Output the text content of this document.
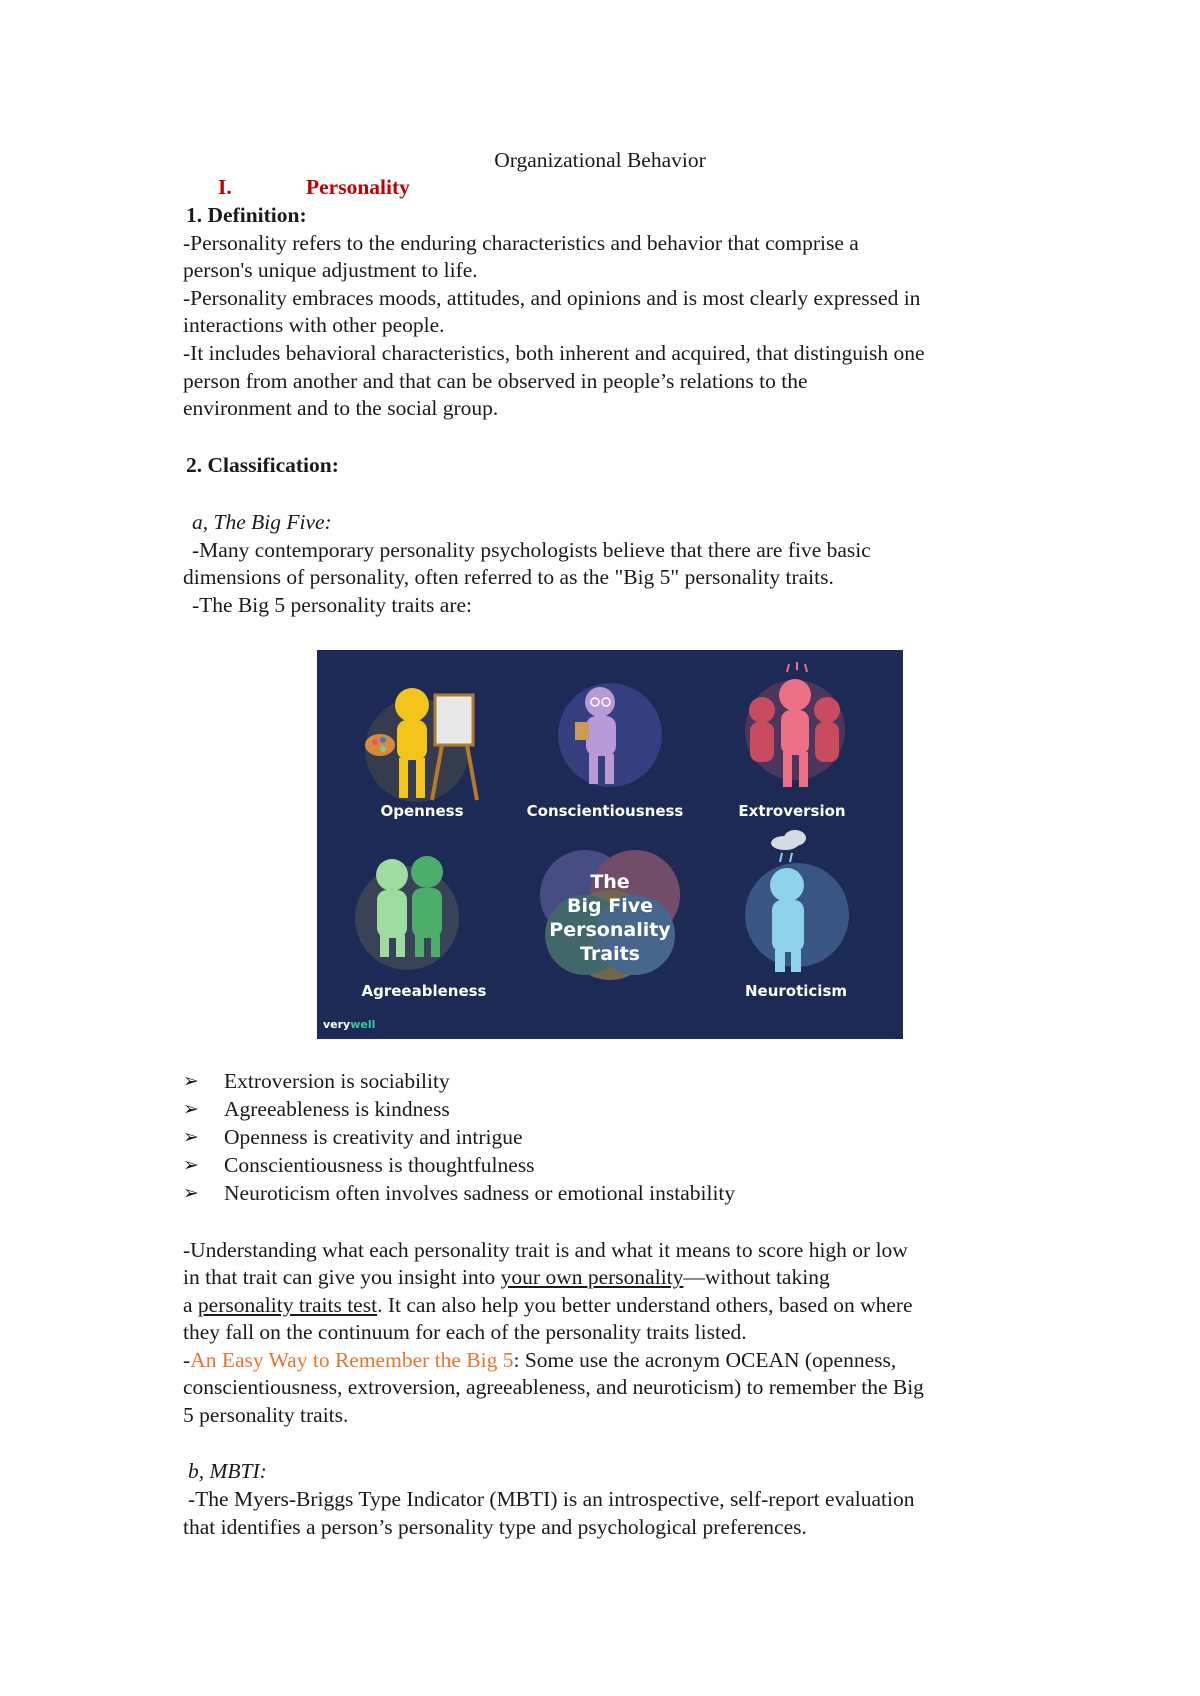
Organizational Behavior
I.	Personality
1. Definition:
-Personality refers to the enduring characteristics and behavior that comprise a
person's unique adjustment to life.
-Personality embraces moods, attitudes, and opinions and is most clearly expressed in
interactions with other people.
-It includes behavioral characteristics, both inherent and acquired, that distinguish one
person from another and that can be observed in people’s relations to the
environment and to the social group.
2. Classification:
a, The Big Five:
-Many contemporary personality psychologists believe that there are five basic
dimensions of personality, often referred to as the "Big 5" personality traits.
-The Big 5 personality traits are:
Openness	Conscientiousness	Extroversion
Agreeableness	Neuroticism
The
Big Five
Personality
Traits
verywell
➢ Extroversion is sociability
➢ Agreeableness is kindness
➢ Openness is creativity and intrigue
➢ Conscientiousness is thoughtfulness
➢ Neuroticism often involves sadness or emotional instability
-Understanding what each personality trait is and what it means to score high or low
in that trait can give you insight into your own personality—without taking
a personality traits test. It can also help you better understand others, based on where
they fall on the continuum for each of the personality traits listed.
-An Easy Way to Remember the Big 5: Some use the acronym OCEAN (openness,
conscientiousness, extroversion, agreeableness, and neuroticism) to remember the Big
5 personality traits.
b, MBTI:
-The Myers-Briggs Type Indicator (MBTI) is an introspective, self-report evaluation
that identifies a person’s personality type and psychological preferences.
